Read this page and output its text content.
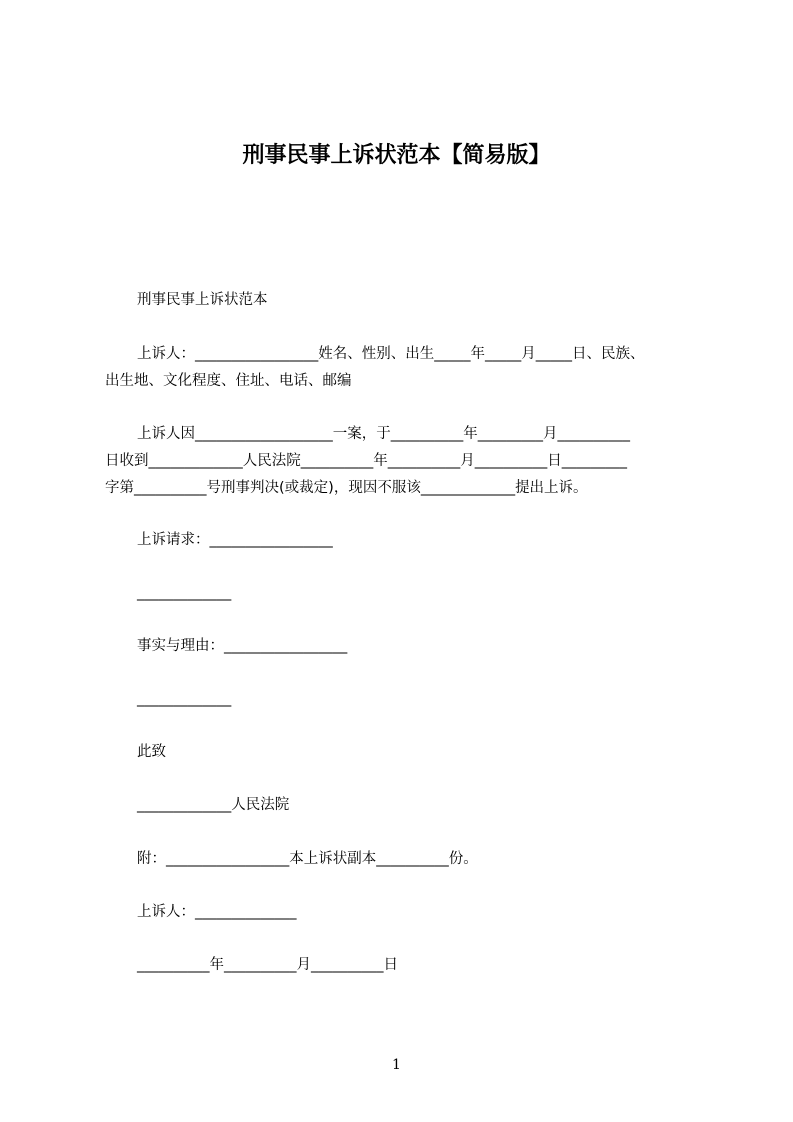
刑事民事上诉状范本【简易版】
刑事民事上诉状范本
上诉人：_________________姓名、性别、出生_____年_____月_____日、民族、
出生地、文化程度、住址、电话、邮编
上诉人因___________________一案，于__________年_________月__________
日收到_____________人民法院__________年__________月__________日_________
字第__________号刑事判决(或裁定)，现因不服该_____________提出上诉。
上诉请求：_________________
_____________
事实与理由：_________________
_____________
此致
_____________人民法院
附：_________________本上诉状副本__________份。
上诉人：______________
__________年__________月__________日
1
